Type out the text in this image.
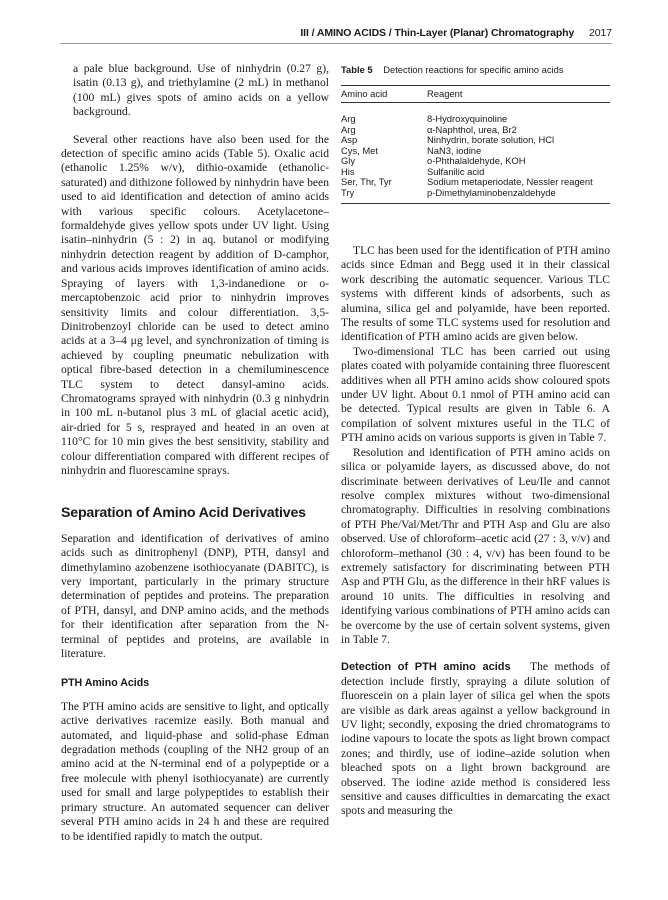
III / AMINO ACIDS / Thin-Layer (Planar) Chromatography 2017

a pale blue background. Use of ninhydrin (0.27 g), isatin (0.13 g), and triethylamine (2 mL) in methanol (100 mL) gives spots of amino acids on a yellow background.

Several other reactions have also been used for the detection of specific amino acids (Table 5). Oxalic acid (ethanolic 1.25% w/v), dithio-oxamide (ethanolic-saturated) and dithizone followed by ninhydrin have been used to aid identification and detection of amino acids with various specific colours. Acetylacetone–formaldehyde gives yellow spots under UV light. Using isatin–ninhydrin (5 : 2) in aq. butanol or modifying ninhydrin detection reagent by addition of D-camphor, and various acids improves identification of amino acids. Spraying of layers with 1,3-indanedione or o-mercaptobenzoic acid prior to ninhydrin improves sensitivity limits and colour differentiation. 3,5-Dinitrobenzoyl chloride can be used to detect amino acids at a 3–4 μg level, and synchronization of timing is achieved by coupling pneumatic nebulization with optical fibre-based detection in a chemiluminescence TLC system to detect dansyl-amino acids. Chromatograms sprayed with ninhydrin (0.3 g ninhydrin in 100 mL n-butanol plus 3 mL of glacial acetic acid), air-dried for 5 s, resprayed and heated in an oven at 110°C for 10 min gives the best sensitivity, stability and colour differentiation compared with different recipes of ninhydrin and fluorescamine sprays.

Separation of Amino Acid Derivatives

Separation and identification of derivatives of amino acids such as dinitrophenyl (DNP), PTH, dansyl and dimethylamino azobenzene isothiocyanate (DABITC), is very important, particularly in the primary structure determination of peptides and proteins. The preparation of PTH, dansyl, and DNP amino acids, and the methods for their identification after separation from the N-terminal of peptides and proteins, are available in literature.

PTH Amino Acids

The PTH amino acids are sensitive to light, and optically active derivatives racemize easily. Both manual and automated, and liquid-phase and solid-phase Edman degradation methods (coupling of the NH2 group of an amino acid at the N-terminal end of a polypeptide or a free molecule with phenyl isothiocyanate) are currently used for small and large polypeptides to establish their primary structure. An automated sequencer can deliver several PTH amino acids in 24 h and these are required to be identified rapidly to match the output.

Table 5 Detection reactions for specific amino acids
Amino acid	Reagent
Arg	8-Hydroxyquinoline
Arg	α-Naphthol, urea, Br2
Asp	Ninhydrin, borate solution, HCl
Cys, Met	NaN3, iodine
Gly	o-Phthalaldehyde, KOH
His	Sulfanilic acid
Ser, Thr, Tyr	Sodium metaperiodate, Nessler reagent
Try	p-Dimethylaminobenzaldehyde

TLC has been used for the identification of PTH amino acids since Edman and Begg used it in their classical work describing the automatic sequencer. Various TLC systems with different kinds of adsorbents, such as alumina, silica gel and polyamide, have been reported. The results of some TLC systems used for resolution and identification of PTH amino acids are given below.

Two-dimensional TLC has been carried out using plates coated with polyamide containing three fluorescent additives when all PTH amino acids show coloured spots under UV light. About 0.1 nmol of PTH amino acid can be detected. Typical results are given in Table 6. A compilation of solvent mixtures useful in the TLC of PTH amino acids on various supports is given in Table 7.

Resolution and identification of PTH amino acids on silica or polyamide layers, as discussed above, do not discriminate between derivatives of Leu/Ile and cannot resolve complex mixtures without two-dimensional chromatography. Difficulties in resolving combinations of PTH Phe/Val/Met/Thr and PTH Asp and Glu are also observed. Use of chloroform–acetic acid (27 : 3, v/v) and chloroform–methanol (30 : 4, v/v) has been found to be extremely satisfactory for discriminating between PTH Asp and PTH Glu, as the difference in their hRF values is around 10 units. The difficulties in resolving and identifying various combinations of PTH amino acids can be overcome by the use of certain solvent systems, given in Table 7.

Detection of PTH amino acids The methods of detection include firstly, spraying a dilute solution of fluorescein on a plain layer of silica gel when the spots are visible as dark areas against a yellow background in UV light; secondly, exposing the dried chromatograms to iodine vapours to locate the spots as light brown compact zones; and thirdly, use of iodine–azide solution when bleached spots on a light brown background are observed. The iodine azide method is considered less sensitive and causes difficulties in demarcating the exact spots and measuring the
